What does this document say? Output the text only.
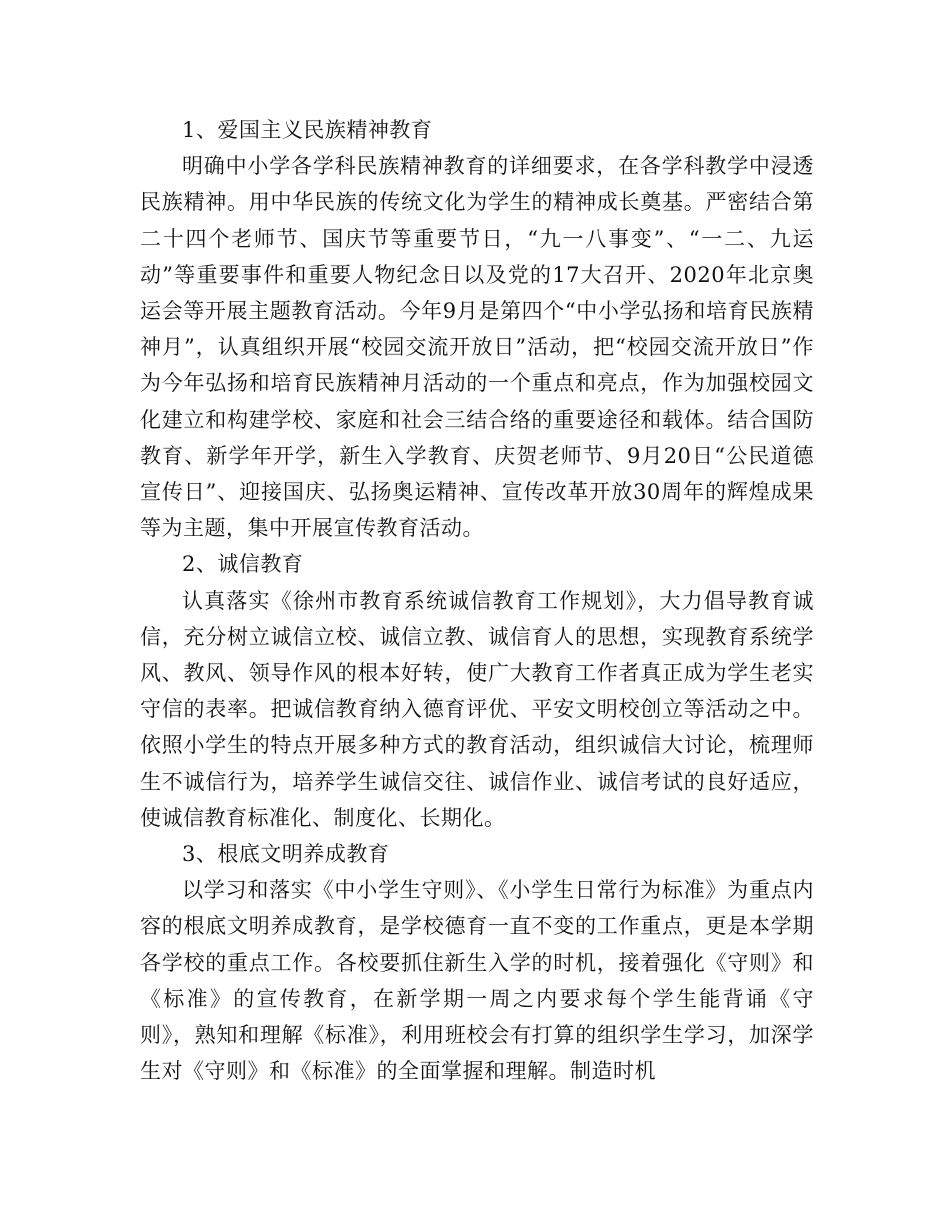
1、爱国主义民族精神教育

明确中小学各学科民族精神教育的详细要求，在各学科教学中浸透民族精神。用中华民族的传统文化为学生的精神成长奠基。严密结合第二十四个老师节、国庆节等重要节日，“九一八事变”、“一二、九运动”等重要事件和重要人物纪念日以及党的17大召开、2020年北京奥运会等开展主题教育活动。今年9月是第四个“中小学弘扬和培育民族精神月”，认真组织开展“校园交流开放日”活动，把“校园交流开放日”作为今年弘扬和培育民族精神月活动的一个重点和亮点，作为加强校园文化建立和构建学校、家庭和社会三结合络的重要途径和载体。结合国防教育、新学年开学，新生入学教育、庆贺老师节、9月20日“公民道德宣传日”、迎接国庆、弘扬奥运精神、宣传改革开放30周年的辉煌成果等为主题，集中开展宣传教育活动。

2、诚信教育

认真落实《徐州市教育系统诚信教育工作规划》，大力倡导教育诚信，充分树立诚信立校、诚信立教、诚信育人的思想，实现教育系统学风、教风、领导作风的根本好转，使广大教育工作者真正成为学生老实守信的表率。把诚信教育纳入德育评优、平安文明校创立等活动之中。依照小学生的特点开展多种方式的教育活动，组织诚信大讨论，梳理师生不诚信行为，培养学生诚信交往、诚信作业、诚信考试的良好适应，使诚信教育标准化、制度化、长期化。

3、根底文明养成教育

以学习和落实《中小学生守则》、《小学生日常行为标准》为重点内容的根底文明养成教育，是学校德育一直不变的工作重点，更是本学期各学校的重点工作。各校要抓住新生入学的时机，接着强化《守则》和《标准》的宣传教育，在新学期一周之内要求每个学生能背诵《守则》，熟知和理解《标准》，利用班校会有打算的组织学生学习，加深学生对《守则》和《标准》的全面掌握和理解。制造时机
